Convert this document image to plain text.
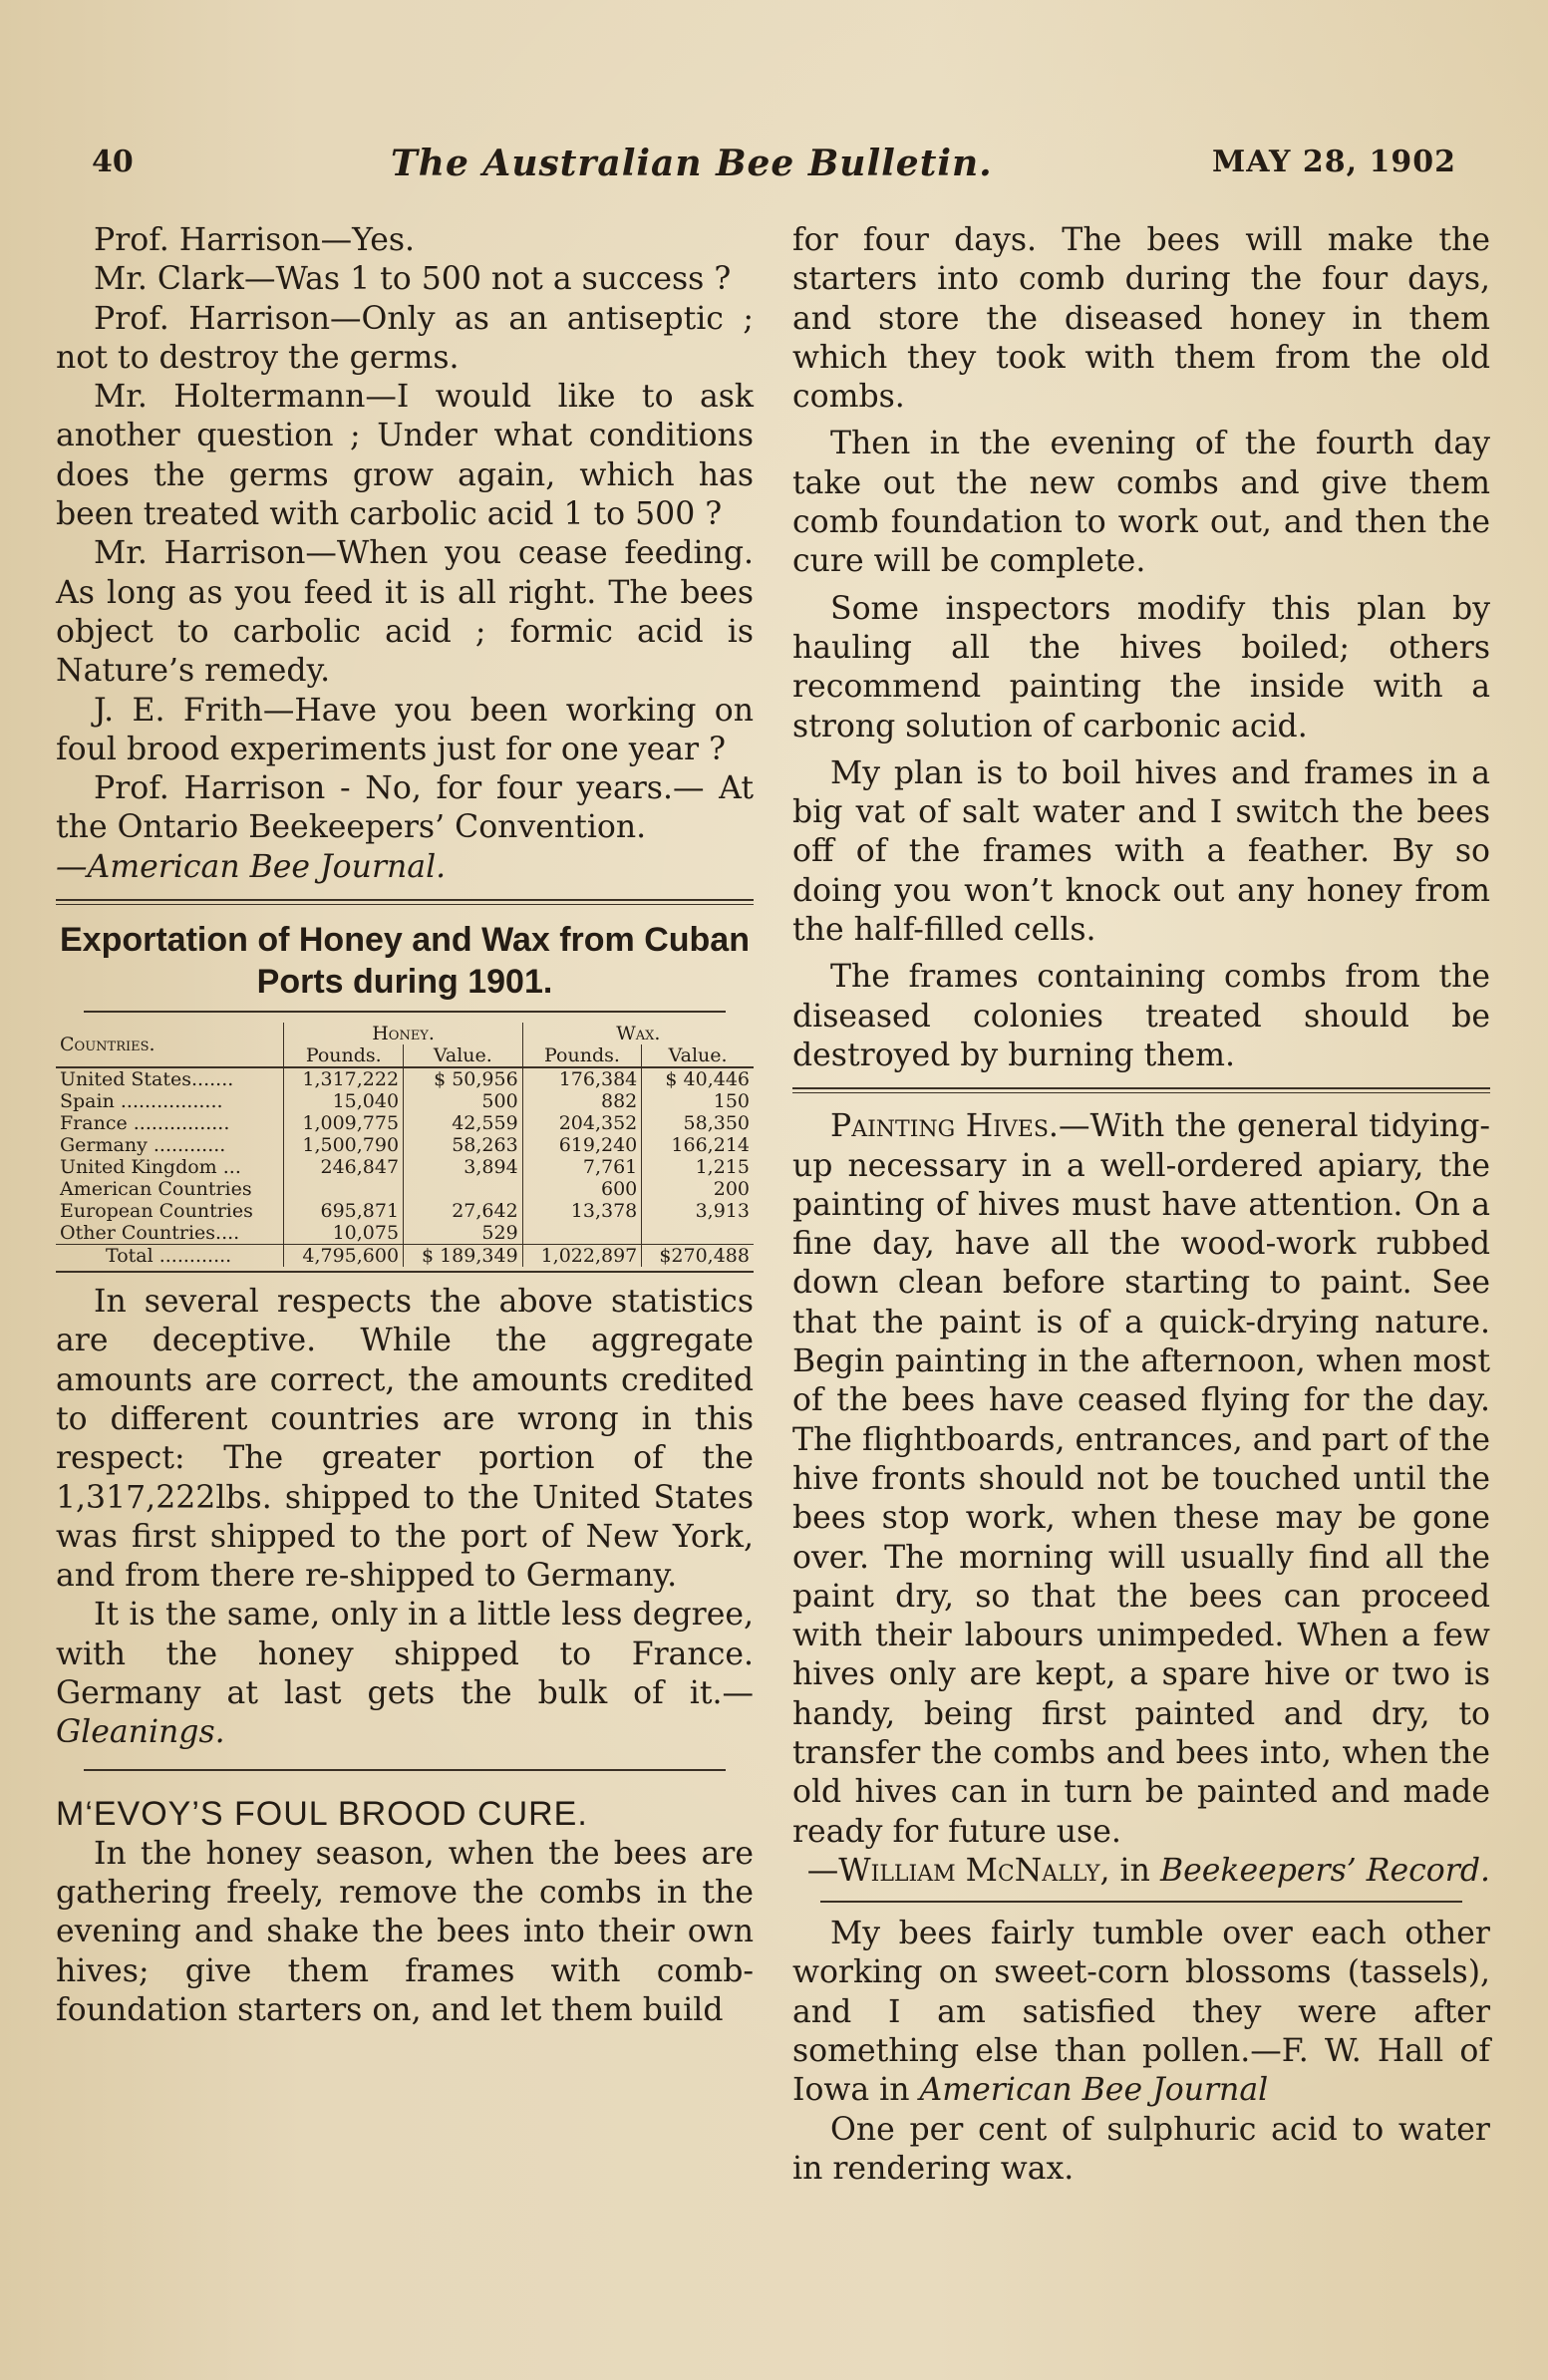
40	The Australian Bee Bulletin.	MAY 28, 1902

Prof. Harrison—Yes.

Mr. Clark—Was 1 to 500 not a success ?

Prof. Harrison—Only as an antiseptic ; not to destroy the germs.

Mr. Holtermann—I would like to ask another question ; Under what conditions does the germs grow again, which has been treated with carbolic acid 1 to 500 ?

Mr. Harrison—When you cease feeding. As long as you feed it is all right. The bees object to carbolic acid ; formic acid is Nature’s remedy.

J. E. Frith—Have you been working on foul brood experiments just for one year ?

Prof. Harrison - No, for four years.— At the Ontario Beekeepers’ Convention.

—American Bee Journal.

Exportation of Honey and Wax from Cuban Ports during 1901.
Countries.	Honey.		Wax.	
	Pounds.	Value.	Pounds.	Value.
United States.......	1,317,222	$ 50,956	176,384	$ 40,446
Spain .................	15,040	500	882	150
France ................	1,009,775	42,559	204,352	58,350
Germany ............	1,500,790	58,263	619,240	166,214
United Kingdom ...	246,847	3,894	7,761	1,215
American Countries			600	200
European Countries	695,871	27,642	13,378	3,913
Other Countries....	10,075	529		
Total ............	4,795,600	$ 189,349	1,022,897	$270,488

In several respects the above statistics are deceptive. While the aggregate amounts are correct, the amounts credited to different countries are wrong in this respect: The greater portion of the 1,317,222lbs. shipped to the United States was first shipped to the port of New York, and from there re-shipped to Germany.

It is the same, only in a little less degree, with the honey shipped to France. Germany at last gets the bulk of it.— Gleanings.

M‘EVOY’S FOUL BROOD CURE.

In the honey season, when the bees are gathering freely, remove the combs in the evening and shake the bees into their own hives; give them frames with comb-foundation starters on, and let them build

for four days. The bees will make the starters into comb during the four days, and store the diseased honey in them which they took with them from the old combs.

Then in the evening of the fourth day take out the new combs and give them comb foundation to work out, and then the cure will be complete.

Some inspectors modify this plan by hauling all the hives boiled; others recommend painting the inside with a strong solution of carbonic acid.

My plan is to boil hives and frames in a big vat of salt water and I switch the bees off of the frames with a feather. By so doing you won’t knock out any honey from the half-filled cells.

The frames containing combs from the diseased colonies treated should be destroyed by burning them.

Painting Hives.—With the general tidying-up necessary in a well-ordered apiary, the painting of hives must have attention. On a fine day, have all the wood-work rubbed down clean before starting to paint. See that the paint is of a quick-drying nature. Begin painting in the afternoon, when most of the bees have ceased flying for the day. The flightboards, entrances, and part of the hive fronts should not be touched until the bees stop work, when these may be gone over. The morning will usually find all the paint dry, so that the bees can proceed with their labours unimpeded. When a few hives only are kept, a spare hive or two is handy, being first painted and dry, to transfer the combs and bees into, when the old hives can in turn be painted and made ready for future use.

—William McNally, in Beekeepers’ Record.

My bees fairly tumble over each other working on sweet-corn blossoms (tassels), and I am satisfied they were after something else than pollen.—F. W. Hall of Iowa in American Bee Journal

One per cent of sulphuric acid to water in rendering wax.
